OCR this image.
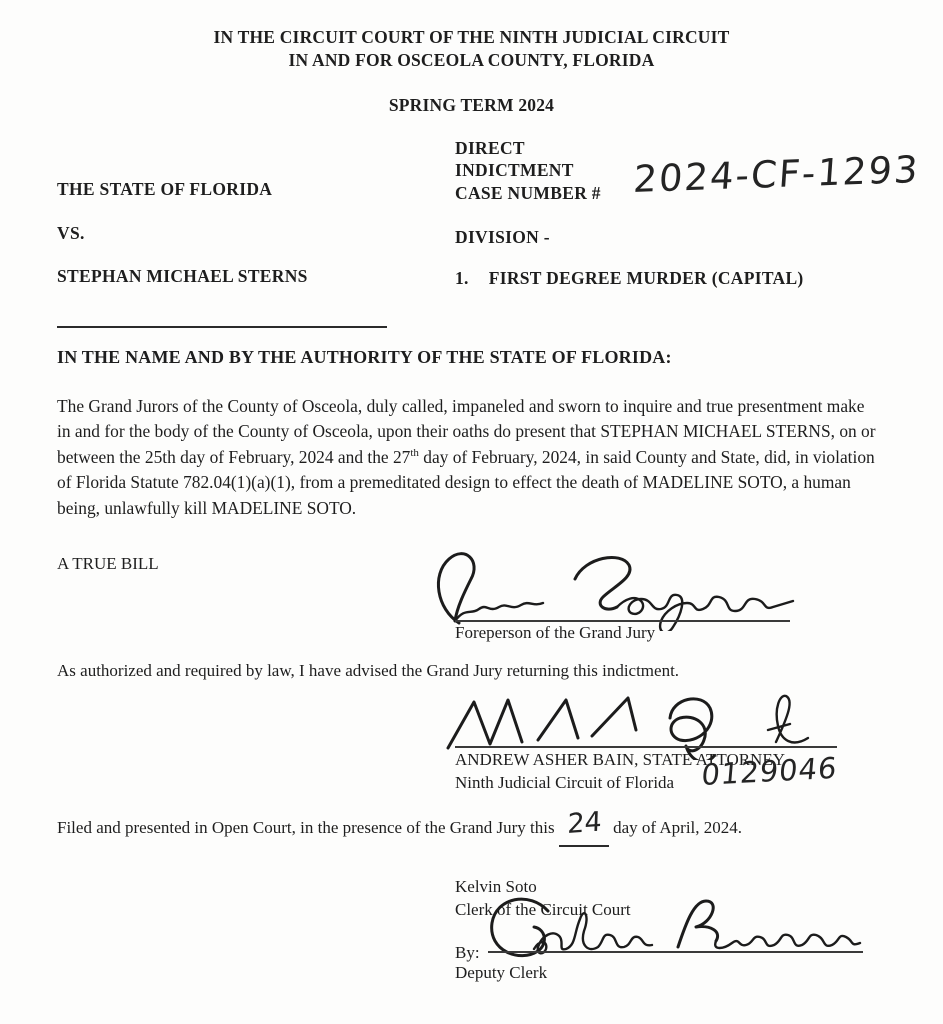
IN THE CIRCUIT COURT OF THE NINTH JUDICIAL CIRCUIT
IN AND FOR OSCEOLA COUNTY, FLORIDA
SPRING TERM 2024
THE STATE OF FLORIDA
VS.
STEPHAN MICHAEL STERNS
DIRECT
INDICTMENT
CASE NUMBER # 2024-CF-1293
DIVISION -
1. FIRST DEGREE MURDER (CAPITAL)
IN THE NAME AND BY THE AUTHORITY OF THE STATE OF FLORIDA:
The Grand Jurors of the County of Osceola, duly called, impaneled and sworn to inquire and true presentment make in and for the body of the County of Osceola, upon their oaths do present that STEPHAN MICHAEL STERNS, on or between the 25th day of February, 2024 and the 27th day of February, 2024, in said County and State, did, in violation of Florida Statute 782.04(1)(a)(1), from a premeditated design to effect the death of MADELINE SOTO, a human being, unlawfully kill MADELINE SOTO.
A TRUE BILL
Foreperson of the Grand Jury
As authorized and required by law, I have advised the Grand Jury returning this indictment.
ANDREW ASHER BAIN, STATE ATTORNEY
Ninth Judicial Circuit of Florida 0129046
Filed and presented in Open Court, in the presence of the Grand Jury this 24 day of April, 2024.
Kelvin Soto
Clerk of the Circuit Court
By:
Deputy Clerk
